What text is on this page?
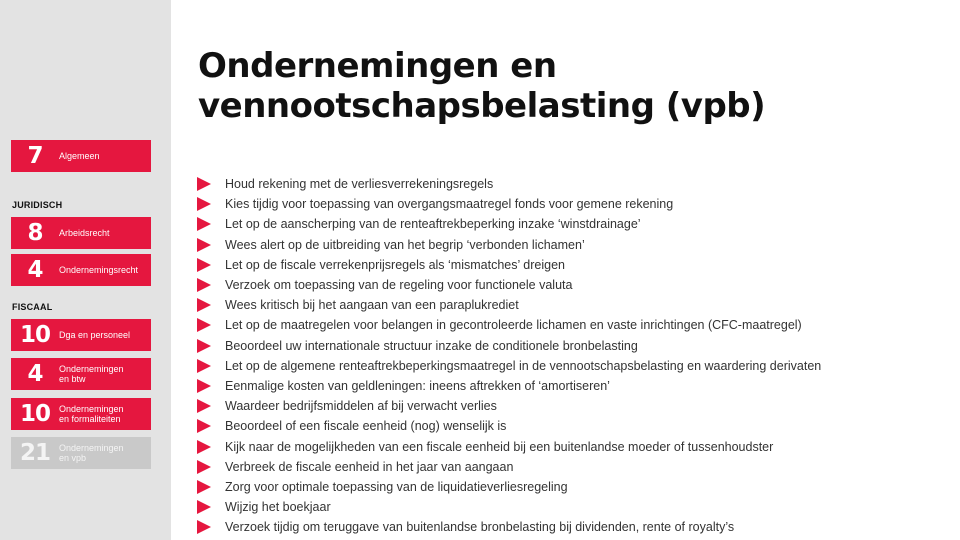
7	Algemeen
JURIDISCH
8	Arbeidsrecht
4	Ondernemingsrecht
FISCAAL
10	Dga en personeel
4	Ondernemingen
en btw
10	Ondernemingen
en formaliteiten
21	Ondernemingen
en vpb
Ondernemingen en
vennootschapsbelasting (vpb)
Houd rekening met de verliesverrekeningsregels
Kies tijdig voor toepassing van overgangsmaatregel fonds voor gemene rekening
Let op de aanscherping van de renteaftrekbeperking inzake ‘winstdrainage’
Wees alert op de uitbreiding van het begrip ‘verbonden lichamen’
Let op de fiscale verrekenprijsregels als ‘mismatches’ dreigen
Verzoek om toepassing van de regeling voor functionele valuta
Wees kritisch bij het aangaan van een paraplukrediet
Let op de maatregelen voor belangen in gecontroleerde lichamen en vaste inrichtingen (CFC-maatregel)
Beoordeel uw internationale structuur inzake de conditionele bronbelasting
Let op de algemene renteaftrekbeperkingsmaatregel in de vennootschapsbelasting en waardering derivaten
Eenmalige kosten van geldleningen: ineens aftrekken of ‘amortiseren’
Waardeer bedrijfsmiddelen af bij verwacht verlies
Beoordeel of een fiscale eenheid (nog) wenselijk is
Kijk naar de mogelijkheden van een fiscale eenheid bij een buitenlandse moeder of tussenhoudster
Verbreek de fiscale eenheid in het jaar van aangaan
Zorg voor optimale toepassing van de liquidatieverliesregeling
Wijzig het boekjaar
Verzoek tijdig om teruggave van buitenlandse bronbelasting bij dividenden, rente of royalty’s
